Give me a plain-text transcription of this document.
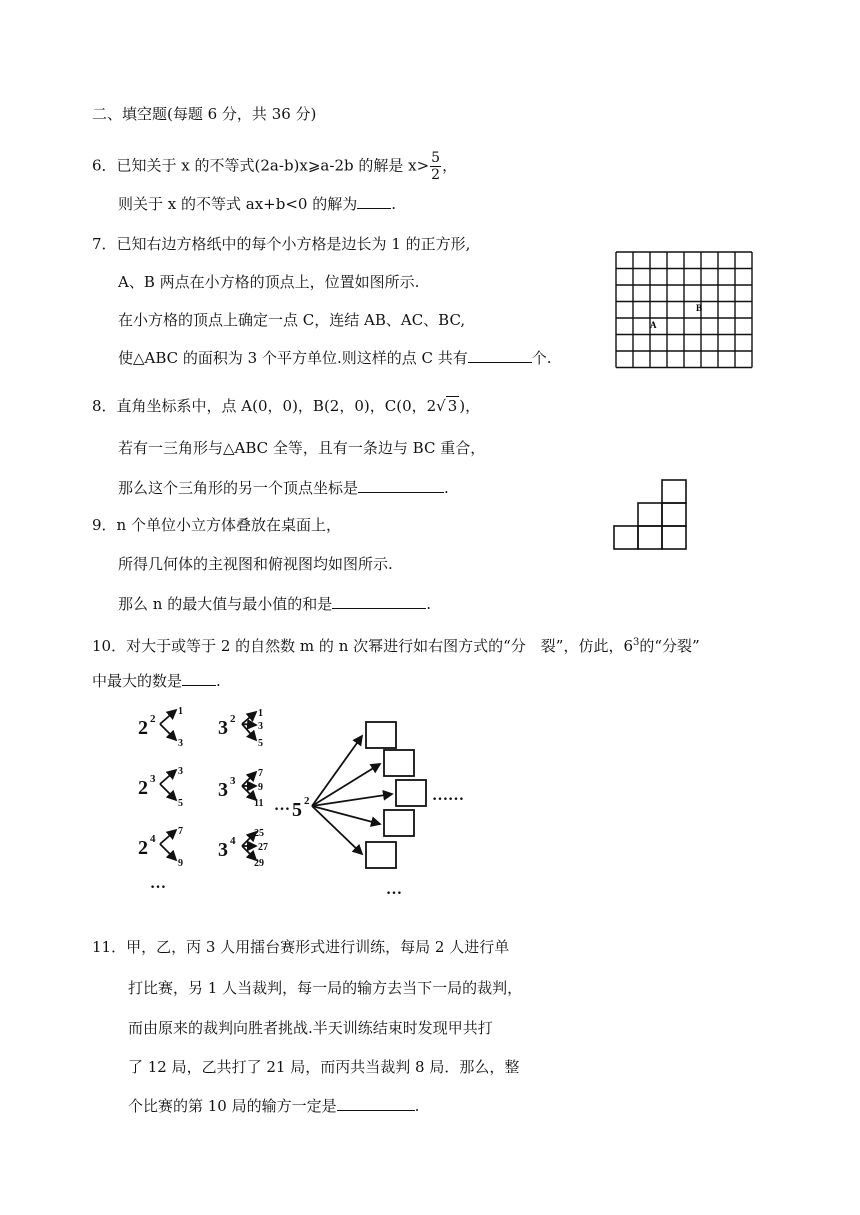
二、填空题(每题 6 分，共 36 分)
6．已知关于 x 的不等式(2a-b)x⩾a-2b 的解是 $x> \frac{5}{2}$ ，
则关于 x 的不等式 ax+b<0 的解为 .
7．已知右边方格纸中的每个小方格是边长为 1 的正方形,
A、B 两点在小方格的顶点上，位置如图所示.
在小方格的顶点上确定一点 C，连结 AB、AC、BC,
使△ABC 的面积为 3 个平方单位.则这样的点 C 共有	个.
A
B
8．直角坐标系中，点 A(0，0)，B(2，0)，C(0，2√ 3 )，
若有一三角形与△ABC 全等，且有一条边与 BC 重合，
那么这个三角形的另一个顶点坐标是	.
9．n 个单位小立方体叠放在桌面上，
所得几何体的主视图和俯视图均如图所示.
那么 n 的最大值与最小值的和是	.
10．对大于或等于 2 的自然数 m 的 n 次幂进行如右图方式的“分　裂”，仿此，$6^3$的“分裂”
中最大的数是 .
2 2
2 3
2 4
3 2
3 3
3 4
5 2
1
3
3
5
7
9
1
3
5
7
9
11
25
27
29
…
…
…
……
11．甲，乙，丙 3 人用擂台赛形式进行训练，每局 2 人进行单
打比赛，另 1 人当裁判，每一局的输方去当下一局的裁判，
而由原来的裁判向胜者挑战.半天训练结束时发现甲共打
了 12 局，乙共打了 21 局，而丙共当裁判 8 局．那么，整
个比赛的第 10 局的输方一定是	.
